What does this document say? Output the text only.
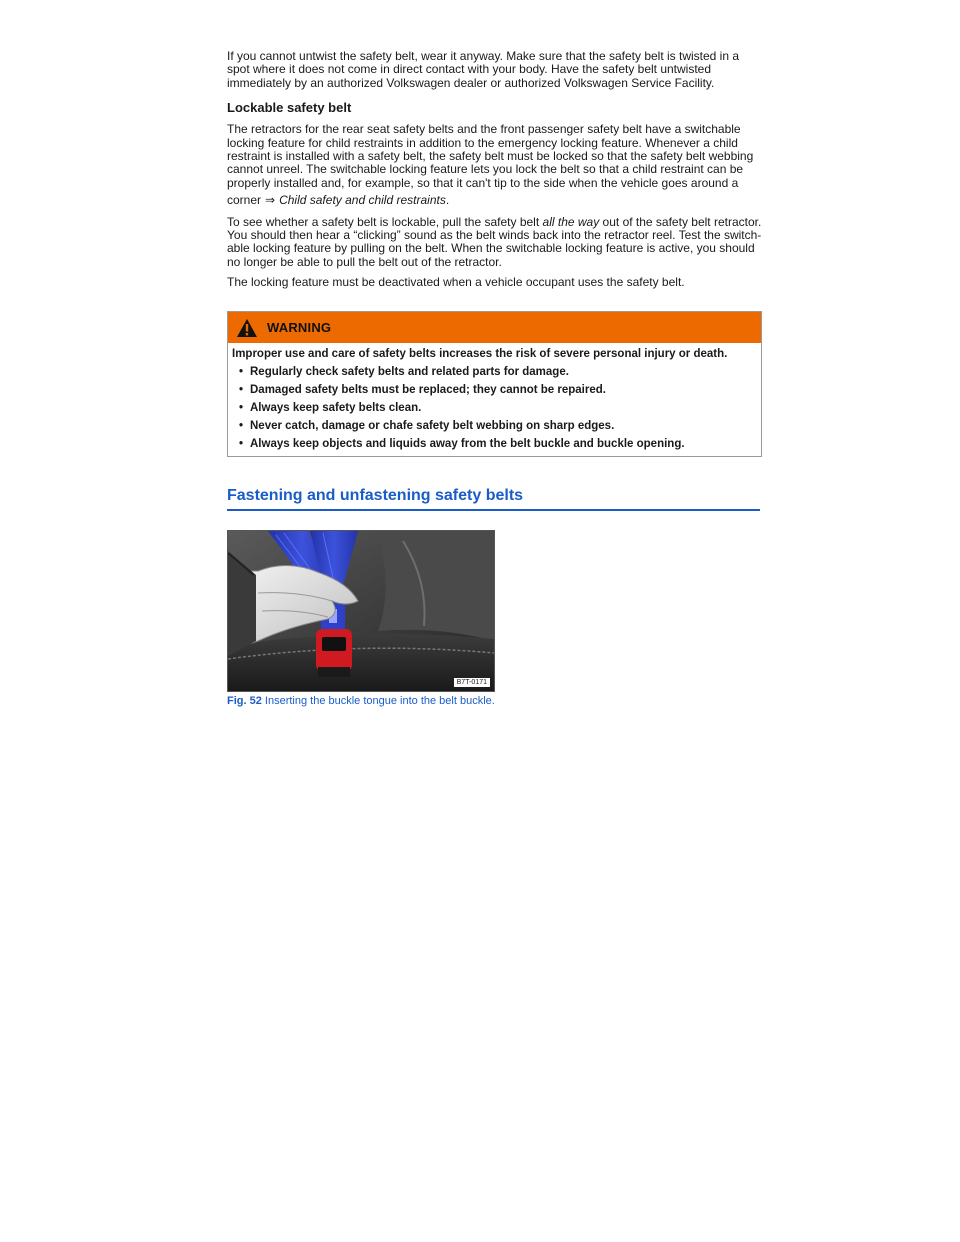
If you cannot untwist the safety belt, wear it anyway. Make sure that the safety belt is twisted in a spot where it does not come in direct contact with your body. Have the safety belt untwisted immediately by an authorized Volkswagen dealer or authorized Volkswagen Service Facility.

Lockable safety belt

The retractors for the rear seat safety belts and the front passenger safety belt have a switchable locking feature for child restraints in addition to the emergency locking feature. Whenever a child restraint is installed with a safety belt, the safety belt must be locked so that the safety belt webbing cannot unreel. The switchable locking feature lets you lock the belt so that a child restraint can be properly installed and, for example, so that it can't tip to the side when the vehicle goes around a

corner ⇒ Child safety and child restraints.

To see whether a safety belt is lockable, pull the safety belt all the way out of the safety belt retractor. You should then hear a “clicking” sound as the belt winds back into the retractor reel. Test the switch-able locking feature by pulling on the belt. When the switchable locking feature is active, you should no longer be able to pull the belt out of the retractor.

The locking feature must be deactivated when a vehicle occupant uses the safety belt.

WARNING
Improper use and care of safety belts increases the risk of severe personal injury or death.
• Regularly check safety belts and related parts for damage.
• Damaged safety belts must be replaced; they cannot be repaired.
• Always keep safety belts clean.
• Never catch, damage or chafe safety belt webbing on sharp edges.
• Always keep objects and liquids away from the belt buckle and buckle opening.
Fastening and unfastening safety belts
B7T-0171
Fig. 52 Inserting the buckle tongue into the belt buckle.
